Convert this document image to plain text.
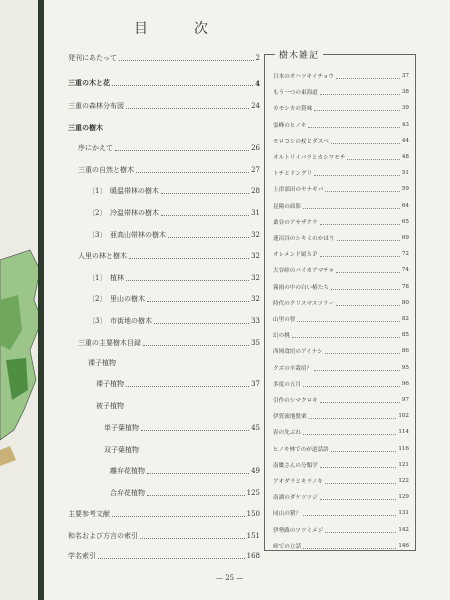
目　次
発刊にあたって	2
三重の木と花	4
三重の森林分布図	24
三重の樹木
序にかえて	26
三重の自然と樹木	27
〔1〕　暖温帯林の樹木	28
〔2〕　冷温帯林の樹木	31
〔3〕　亜高山帯林の樹木	32
人里の林と樹木	32
〔1〕　植林	32
〔2〕　里山の樹木	32
〔3〕　市街地の樹木	33
三重の主要樹木目録	35
裸子植物
裸子植物	37
被子植物
単子葉植物	45
双子葉植物
離弁花植物	49
合弁花植物	125
主要参考文献	150
和名および方言の索引	151
学名索引	168
樹木雑記
日本のオハツキイチョウ	37
もう一つの東海道	38
カモシカの賞味	39
霊峰のヒノキ	43
モロコシの杖とダスベ	44
オルトリイバラとカシワモチ	48
トチとドングリ	51
上津部田のヤナギバ	59
昆陽の面影	64
桑谷のアサザクラ	65
蓮沼谷のシキミのかほり	69
オレメンド属ＳＰ	72
大谷峠のバイカアマチャ	74
霧雨の中の白い椿たち	78
時代のクリスマスツリー	80
山里の智	82
幻の桃	85
西岡食垣のアイナシ	86
クズの辛栽培？	95
多度の五月	96
引作のシマクロキ	97
伊賀流地盤栗	102
春の先ぶれ	114
ヒノキ林でのが道話語	116
南畿さんの分類学	121
アオダラとキラノキ	122
南湖のダケツツジ	129
同山の猪？	131
伊勢路のツツミメジ	142
峠での立話	146
— 25 —
